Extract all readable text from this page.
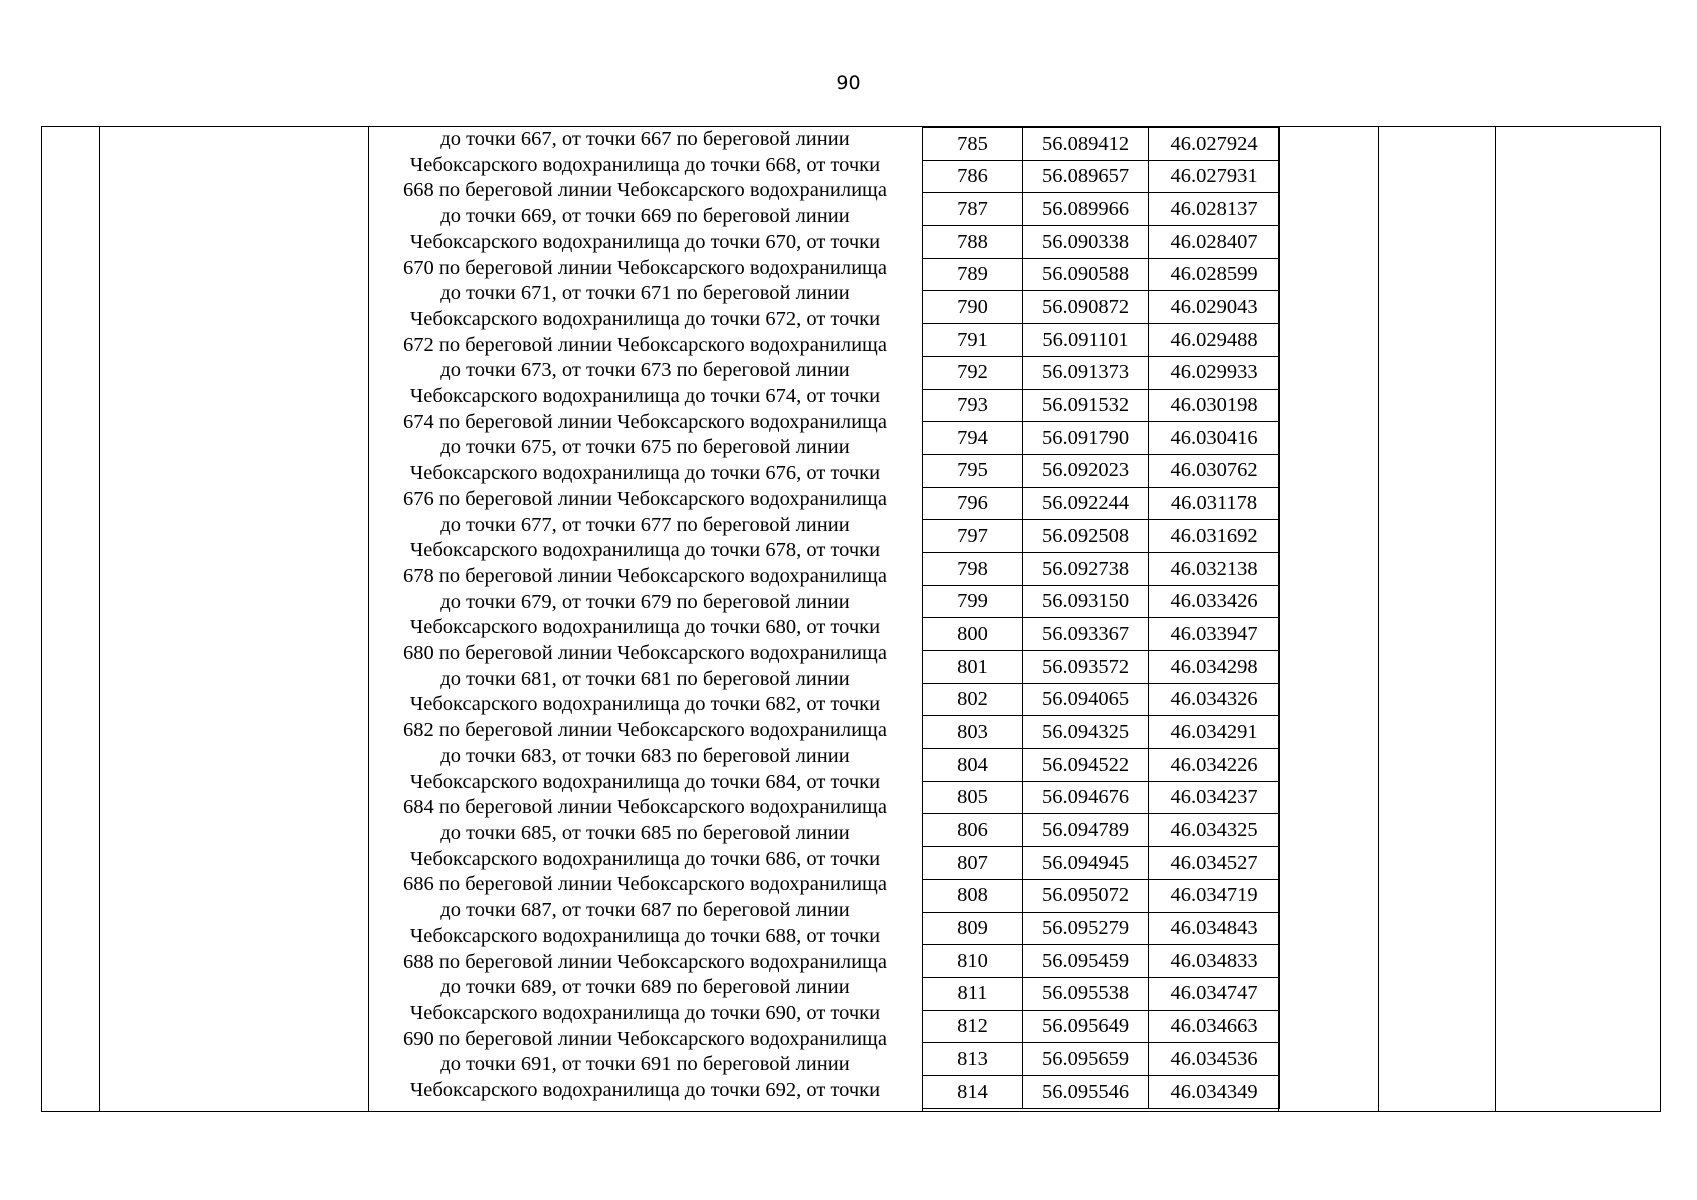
90
до точки 667, от точки 667 по береговой линии
Чебоксарского водохранилища до точки 668, от точки
668 по береговой линии Чебоксарского водохранилища
до точки 669, от точки 669 по береговой линии
Чебоксарского водохранилища до точки 670, от точки
670 по береговой линии Чебоксарского водохранилища
до точки 671, от точки 671 по береговой линии
Чебоксарского водохранилища до точки 672, от точки
672 по береговой линии Чебоксарского водохранилища
до точки 673, от точки 673 по береговой линии
Чебоксарского водохранилища до точки 674, от точки
674 по береговой линии Чебоксарского водохранилища
до точки 675, от точки 675 по береговой линии
Чебоксарского водохранилища до точки 676, от точки
676 по береговой линии Чебоксарского водохранилища
до точки 677, от точки 677 по береговой линии
Чебоксарского водохранилища до точки 678, от точки
678 по береговой линии Чебоксарского водохранилища
до точки 679, от точки 679 по береговой линии
Чебоксарского водохранилища до точки 680, от точки
680 по береговой линии Чебоксарского водохранилища
до точки 681, от точки 681 по береговой линии
Чебоксарского водохранилища до точки 682, от точки
682 по береговой линии Чебоксарского водохранилища
до точки 683, от точки 683 по береговой линии
Чебоксарского водохранилища до точки 684, от точки
684 по береговой линии Чебоксарского водохранилища
до точки 685, от точки 685 по береговой линии
Чебоксарского водохранилища до точки 686, от точки
686 по береговой линии Чебоксарского водохранилища
до точки 687, от точки 687 по береговой линии
Чебоксарского водохранилища до точки 688, от точки
688 по береговой линии Чебоксарского водохранилища
до точки 689, от точки 689 по береговой линии
Чебоксарского водохранилища до точки 690, от точки
690 по береговой линии Чебоксарского водохранилища
до точки 691, от точки 691 по береговой линии
Чебоксарского водохранилища до точки 692, от точки
785	56.089412	46.027924
786	56.089657	46.027931
787	56.089966	46.028137
788	56.090338	46.028407
789	56.090588	46.028599
790	56.090872	46.029043
791	56.091101	46.029488
792	56.091373	46.029933
793	56.091532	46.030198
794	56.091790	46.030416
795	56.092023	46.030762
796	56.092244	46.031178
797	56.092508	46.031692
798	56.092738	46.032138
799	56.093150	46.033426
800	56.093367	46.033947
801	56.093572	46.034298
802	56.094065	46.034326
803	56.094325	46.034291
804	56.094522	46.034226
805	56.094676	46.034237
806	56.094789	46.034325
807	56.094945	46.034527
808	56.095072	46.034719
809	56.095279	46.034843
810	56.095459	46.034833
811	56.095538	46.034747
812	56.095649	46.034663
813	56.095659	46.034536
814	56.095546	46.034349
